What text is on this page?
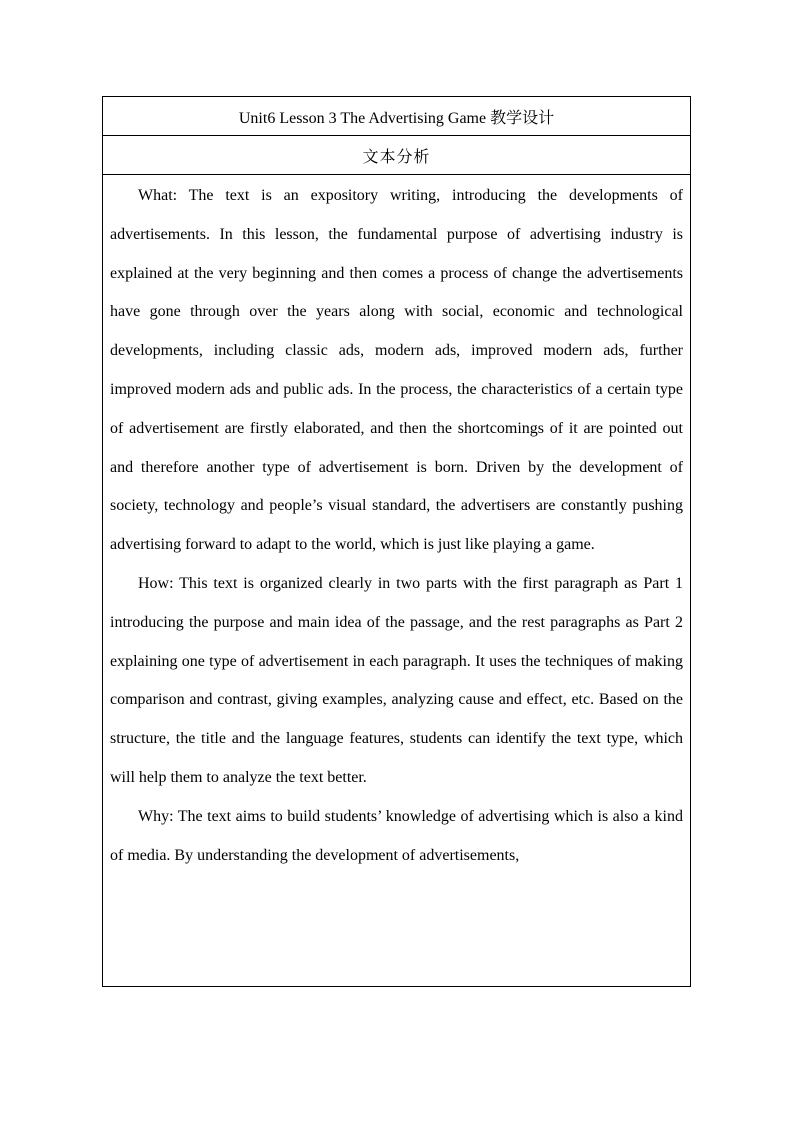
Unit6 Lesson 3 The Advertising Game 教学设计
文本分析

What: The text is an expository writing, introducing the developments of advertisements. In this lesson, the fundamental purpose of advertising industry is explained at the very beginning and then comes a process of change the advertisements have gone through over the years along with social, economic and technological developments, including classic ads, modern ads, improved modern ads, further improved modern ads and public ads. In the process, the characteristics of a certain type of advertisement are firstly elaborated, and then the shortcomings of it are pointed out and therefore another type of advertisement is born. Driven by the development of society, technology and people’s visual standard, the advertisers are constantly pushing advertising forward to adapt to the world, which is just like playing a game.

How: This text is organized clearly in two parts with the first paragraph as Part 1 introducing the purpose and main idea of the passage, and the rest paragraphs as Part 2 explaining one type of advertisement in each paragraph. It uses the techniques of making comparison and contrast, giving examples, analyzing cause and effect, etc. Based on the structure, the title and the language features, students can identify the text type, which will help them to analyze the text better.

Why: The text aims to build students’ knowledge of advertising which is also a kind of media. By understanding the development of advertisements,
